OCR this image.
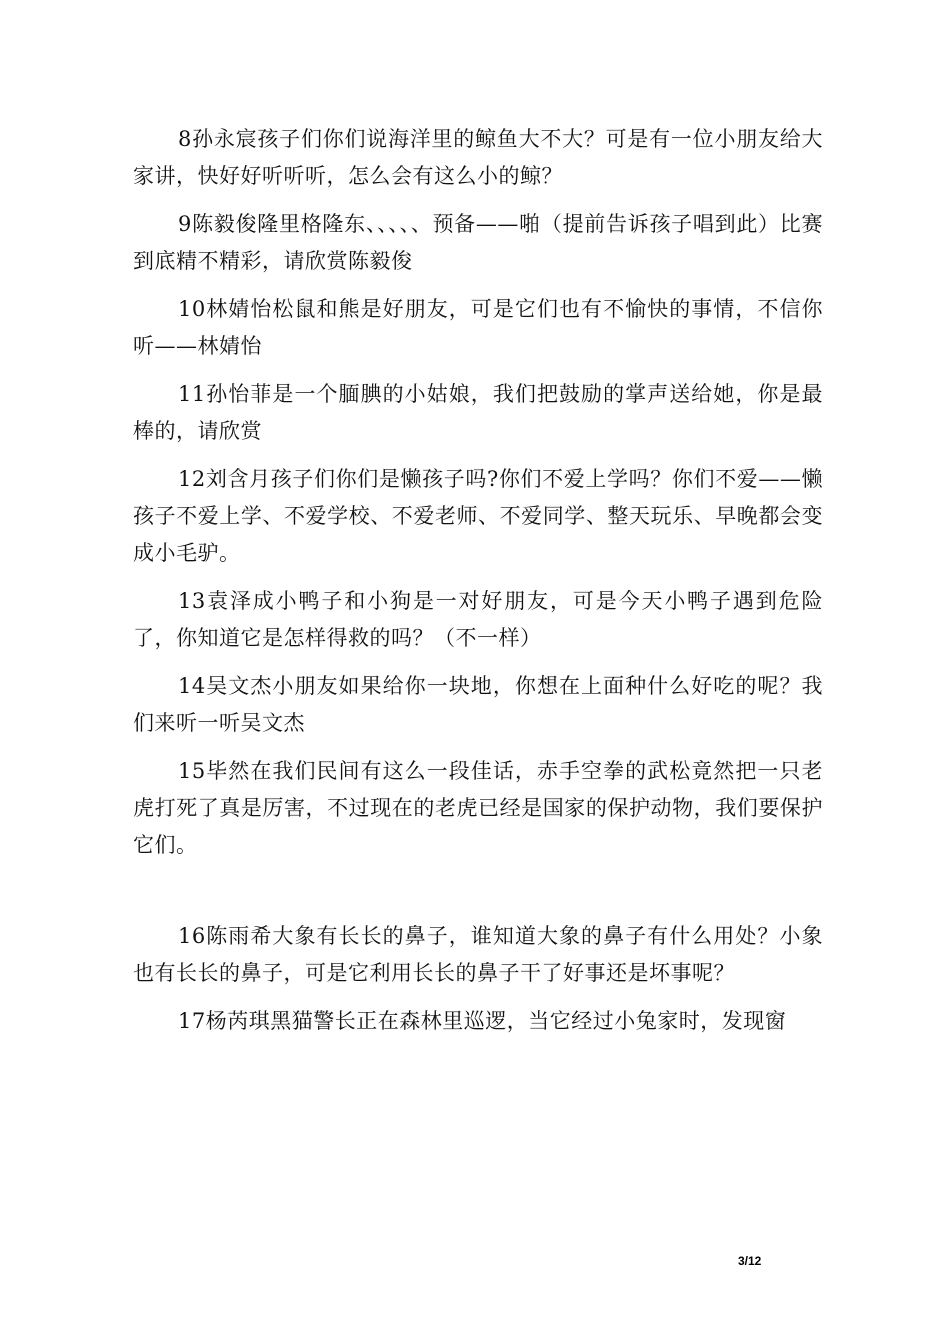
8孙永宸孩子们你们说海洋里的鲸鱼大不大？可是有一位小朋友给大家讲，快好好听听听，怎么会有这么小的鲸？

9陈毅俊隆里格隆东、、、、、预备——啪（提前告诉孩子唱到此）比赛到底精不精彩，请欣赏陈毅俊

10林婧怡松鼠和熊是好朋友，可是它们也有不愉快的事情，不信你听——林婧怡

11孙怡菲是一个腼腆的小姑娘，我们把鼓励的掌声送给她，你是最棒的，请欣赏

12刘含月孩子们你们是懒孩子吗?你们不爱上学吗？你们不爱——懒孩子不爱上学、不爱学校、不爱老师、不爱同学、整天玩乐、早晚都会变成小毛驴。

13袁泽成小鸭子和小狗是一对好朋友，可是今天小鸭子遇到危险了，你知道它是怎样得救的吗？（不一样）

14吴文杰小朋友如果给你一块地，你想在上面种什么好吃的呢？我们来听一听吴文杰

15毕然在我们民间有这么一段佳话，赤手空拳的武松竟然把一只老虎打死了真是厉害，不过现在的老虎已经是国家的保护动物，我们要保护它们。

16陈雨希大象有长长的鼻子，谁知道大象的鼻子有什么用处？小象也有长长的鼻子，可是它利用长长的鼻子干了好事还是坏事呢？

17杨芮琪黑猫警长正在森林里巡逻，当它经过小兔家时，发现窗

3/12
